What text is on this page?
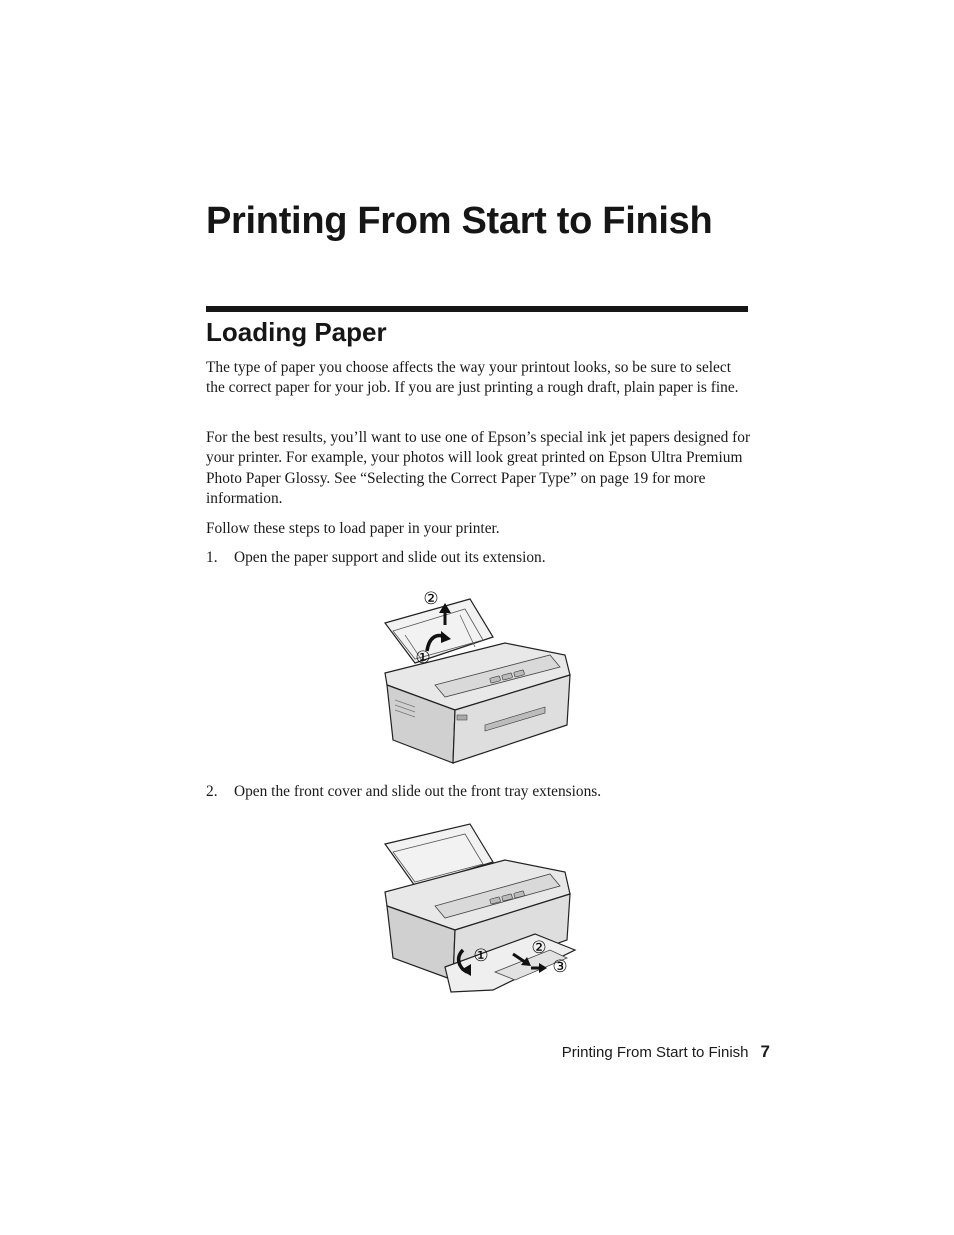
Printing From Start to Finish
Loading Paper

The type of paper you choose affects the way your printout looks, so be sure to select the correct paper for your job. If you are just printing a rough draft, plain paper is fine.

For the best results, you’ll want to use one of Epson’s special ink jet papers designed for your printer. For example, your photos will look great printed on Epson Ultra Premium Photo Paper Glossy. See “Selecting the Correct Paper Type” on page 19 for more information.

Follow these steps to load paper in your printer.

1. Open the paper support and slide out its extension.

②
①

2. Open the front cover and slide out the front tray extensions.

①	②
③
Printing From Start to Finish 7
